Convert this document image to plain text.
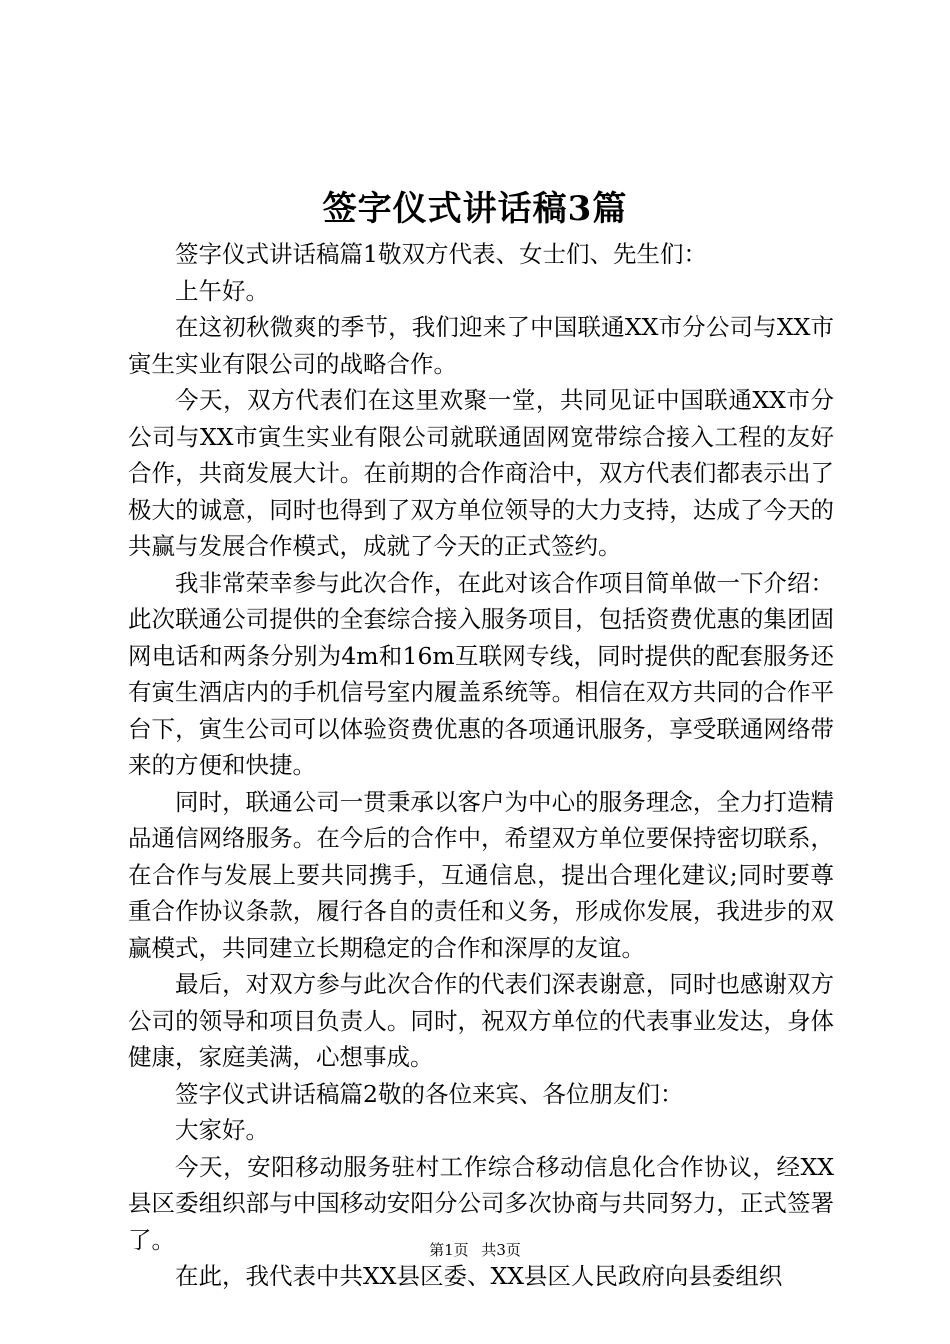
签字仪式讲话稿3篇

签字仪式讲话稿篇1敬双方代表、女士们、先生们：

上午好。

在这初秋微爽的季节，我们迎来了中国联通XX市分公司与XX市寅生实业有限公司的战略合作。

今天，双方代表们在这里欢聚一堂，共同见证中国联通XX市分公司与XX市寅生实业有限公司就联通固网宽带综合接入工程的友好合作，共商发展大计。在前期的合作商洽中，双方代表们都表示出了极大的诚意，同时也得到了双方单位领导的大力支持，达成了今天的共赢与发展合作模式，成就了今天的正式签约。

我非常荣幸参与此次合作，在此对该合作项目简单做一下介绍：此次联通公司提供的全套综合接入服务项目，包括资费优惠的集团固网电话和两条分别为4m和16m互联网专线，同时提供的配套服务还有寅生酒店内的手机信号室内履盖系统等。相信在双方共同的合作平台下，寅生公司可以体验资费优惠的各项通讯服务，享受联通网络带来的方便和快捷。

同时，联通公司一贯秉承以客户为中心的服务理念，全力打造精品通信网络服务。在今后的合作中，希望双方单位要保持密切联系，在合作与发展上要共同携手，互通信息，提出合理化建议;同时要尊重合作协议条款，履行各自的责任和义务，形成你发展，我进步的双赢模式，共同建立长期稳定的合作和深厚的友谊。

最后，对双方参与此次合作的代表们深表谢意，同时也感谢双方公司的领导和项目负责人。同时，祝双方单位的代表事业发达，身体健康，家庭美满，心想事成。

签字仪式讲话稿篇2敬的各位来宾、各位朋友们：

大家好。

今天，安阳移动服务驻村工作综合移动信息化合作协议，经XX县区委组织部与中国移动安阳分公司多次协商与共同努力，正式签署了。

在此，我代表中共XX县区委、XX县区人民政府向县委组织

第1页 共3页
